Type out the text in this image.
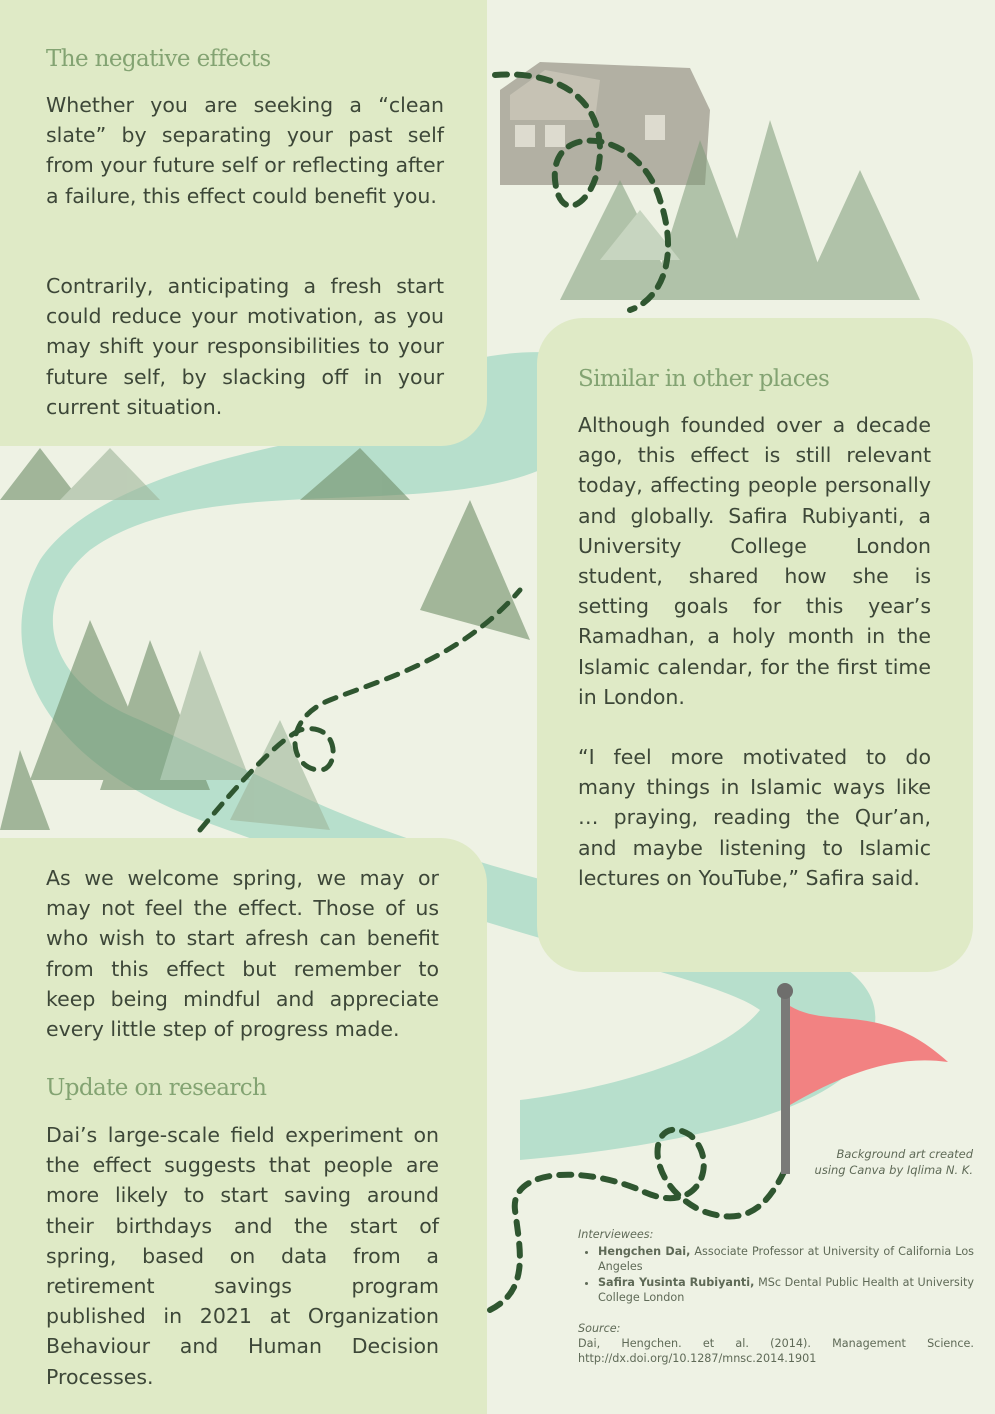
The negative effects

Whether you are seeking a “clean slate” by separating your past self from your future self or reflecting after a failure, this effect could benefit you.

Contrarily, anticipating a fresh start could reduce your motivation, as you may shift your responsibilities to your future self, by slacking off in your current situation.

Similar in other places

Although founded over a decade ago, this effect is still relevant today, affecting people personally and globally. Safira Rubiyanti, a University College London student, shared how she is setting goals for this year’s Ramadhan, a holy month in the Islamic calendar, for the first time in London.

“I feel more motivated to do many things in Islamic ways like … praying, reading the Qur’an, and maybe listening to Islamic lectures on YouTube,” Safira said.

As we welcome spring, we may or may not feel the effect. Those of us who wish to start afresh can benefit from this effect but remember to keep being mindful and appreciate every little step of progress made.

Update on research

Dai’s large-scale field experiment on the effect suggests that people are more likely to start saving around their birthdays and the start of spring, based on data from a retirement savings program published in 2021 at Organization Behaviour and Human Decision Processes.

Background art created
using Canva by Iqlima N. K.

Interviewees:

• Hengchen Dai, Associate Professor at University of California Los Angeles
• Safira Yusinta Rubiyanti, MSc Dental Public Health at University College London

Source:

Dai, Hengchen. et al. (2014). Management Science. http://dx.doi.org/10.1287/mnsc.2014.1901
